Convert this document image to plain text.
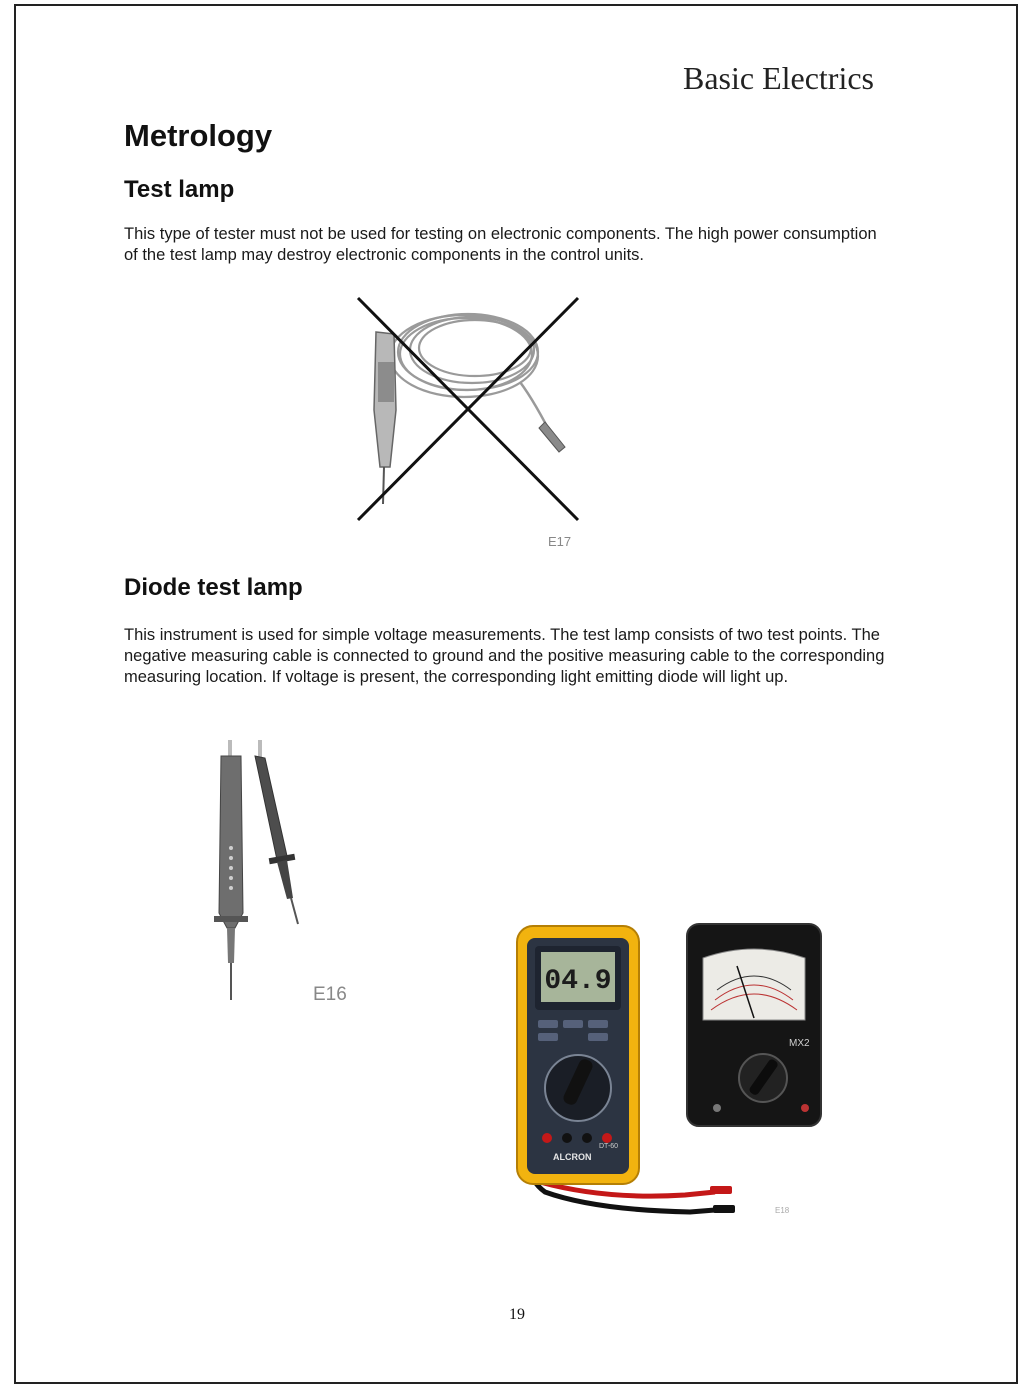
Basic Electrics
Metrology
Test lamp

This type of tester must not be used for testing on electronic components. The high power consumption of the test lamp may destroy electronic components in the control units.

E17
Diode test lamp

This instrument is used for simple voltage measurements. The test lamp consists of two test points. The negative measuring cable is connected to ground and the positive measuring cable to the corresponding measuring location. If voltage is present, the corresponding light emitting diode will light up.

E16	04.9
ALCRON
DT-60
MX2
E18
19
